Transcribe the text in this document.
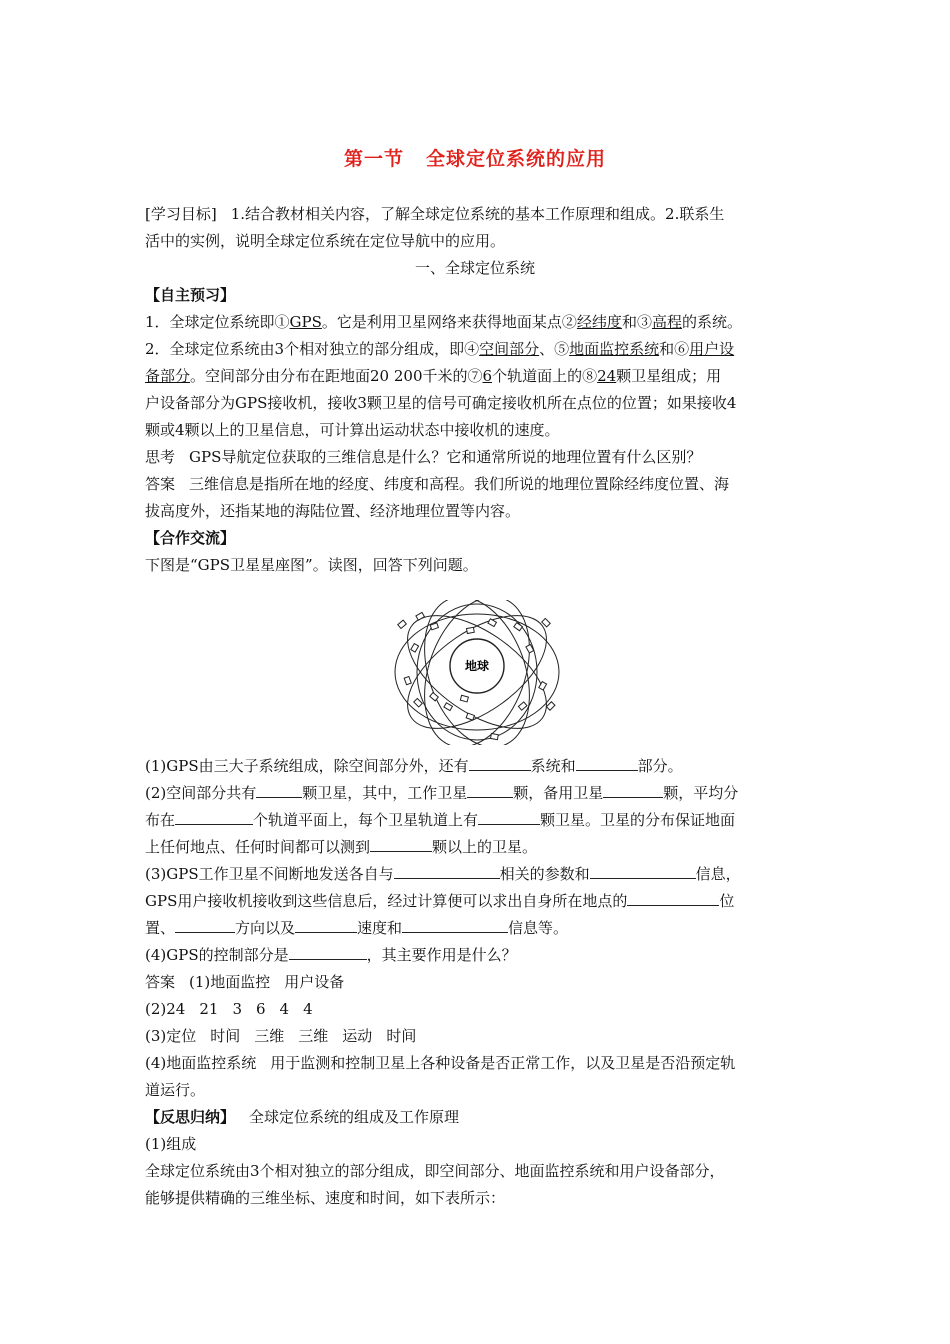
第一节 全球定位系统的应用
[学习目标] 1.结合教材相关内容，了解全球定位系统的基本工作原理和组成。2.联系生
活中的实例，说明全球定位系统在定位导航中的应用。
一、全球定位系统
【自主预习】
1．全球定位系统即①GPS。它是利用卫星网络来获得地面某点②经纬度和③高程的系统。
2．全球定位系统由3个相对独立的部分组成，即④空间部分、⑤地面监控系统和⑥用户设
备部分。空间部分由分布在距地面20 200千米的⑦6个轨道面上的⑧24颗卫星组成；用
户设备部分为GPS接收机，接收3颗卫星的信号可确定接收机所在点位的位置；如果接收4
颗或4颗以上的卫星信息，可计算出运动状态中接收机的速度。
思考 GPS导航定位获取的三维信息是什么？它和通常所说的地理位置有什么区别？
答案 三维信息是指所在地的经度、纬度和高程。我们所说的地理位置除经纬度位置、海
拔高度外，还指某地的海陆位置、经济地理位置等内容。
【合作交流】
下图是“GPS卫星星座图”。读图，回答下列问题。
地球
(1)GPS由三大子系统组成，除空间部分外，还有	系统和	部分。
(2)空间部分共有	颗卫星，其中，工作卫星	颗，备用卫星	颗，平均分
布在	个轨道平面上，每个卫星轨道上有	颗卫星。卫星的分布保证地面
上任何地点、任何时间都可以测到	颗以上的卫星。
(3)GPS工作卫星不间断地发送各自与	相关的参数和	信息，
GPS用户接收机接收到这些信息后，经过计算便可以求出自身所在地点的	位
置、	方向以及	速度和	信息等。
(4)GPS的控制部分是	，其主要作用是什么？
答案 (1)地面监控 用户设备
(2)24 21 3 6 4 4
(3)定位 时间 三维 三维 运动 时间
(4)地面监控系统 用于监测和控制卫星上各种设备是否正常工作，以及卫星是否沿预定轨
道运行。
【反思归纳】 全球定位系统的组成及工作原理
(1)组成
全球定位系统由3个相对独立的部分组成，即空间部分、地面监控系统和用户设备部分，
能够提供精确的三维坐标、速度和时间，如下表所示：
